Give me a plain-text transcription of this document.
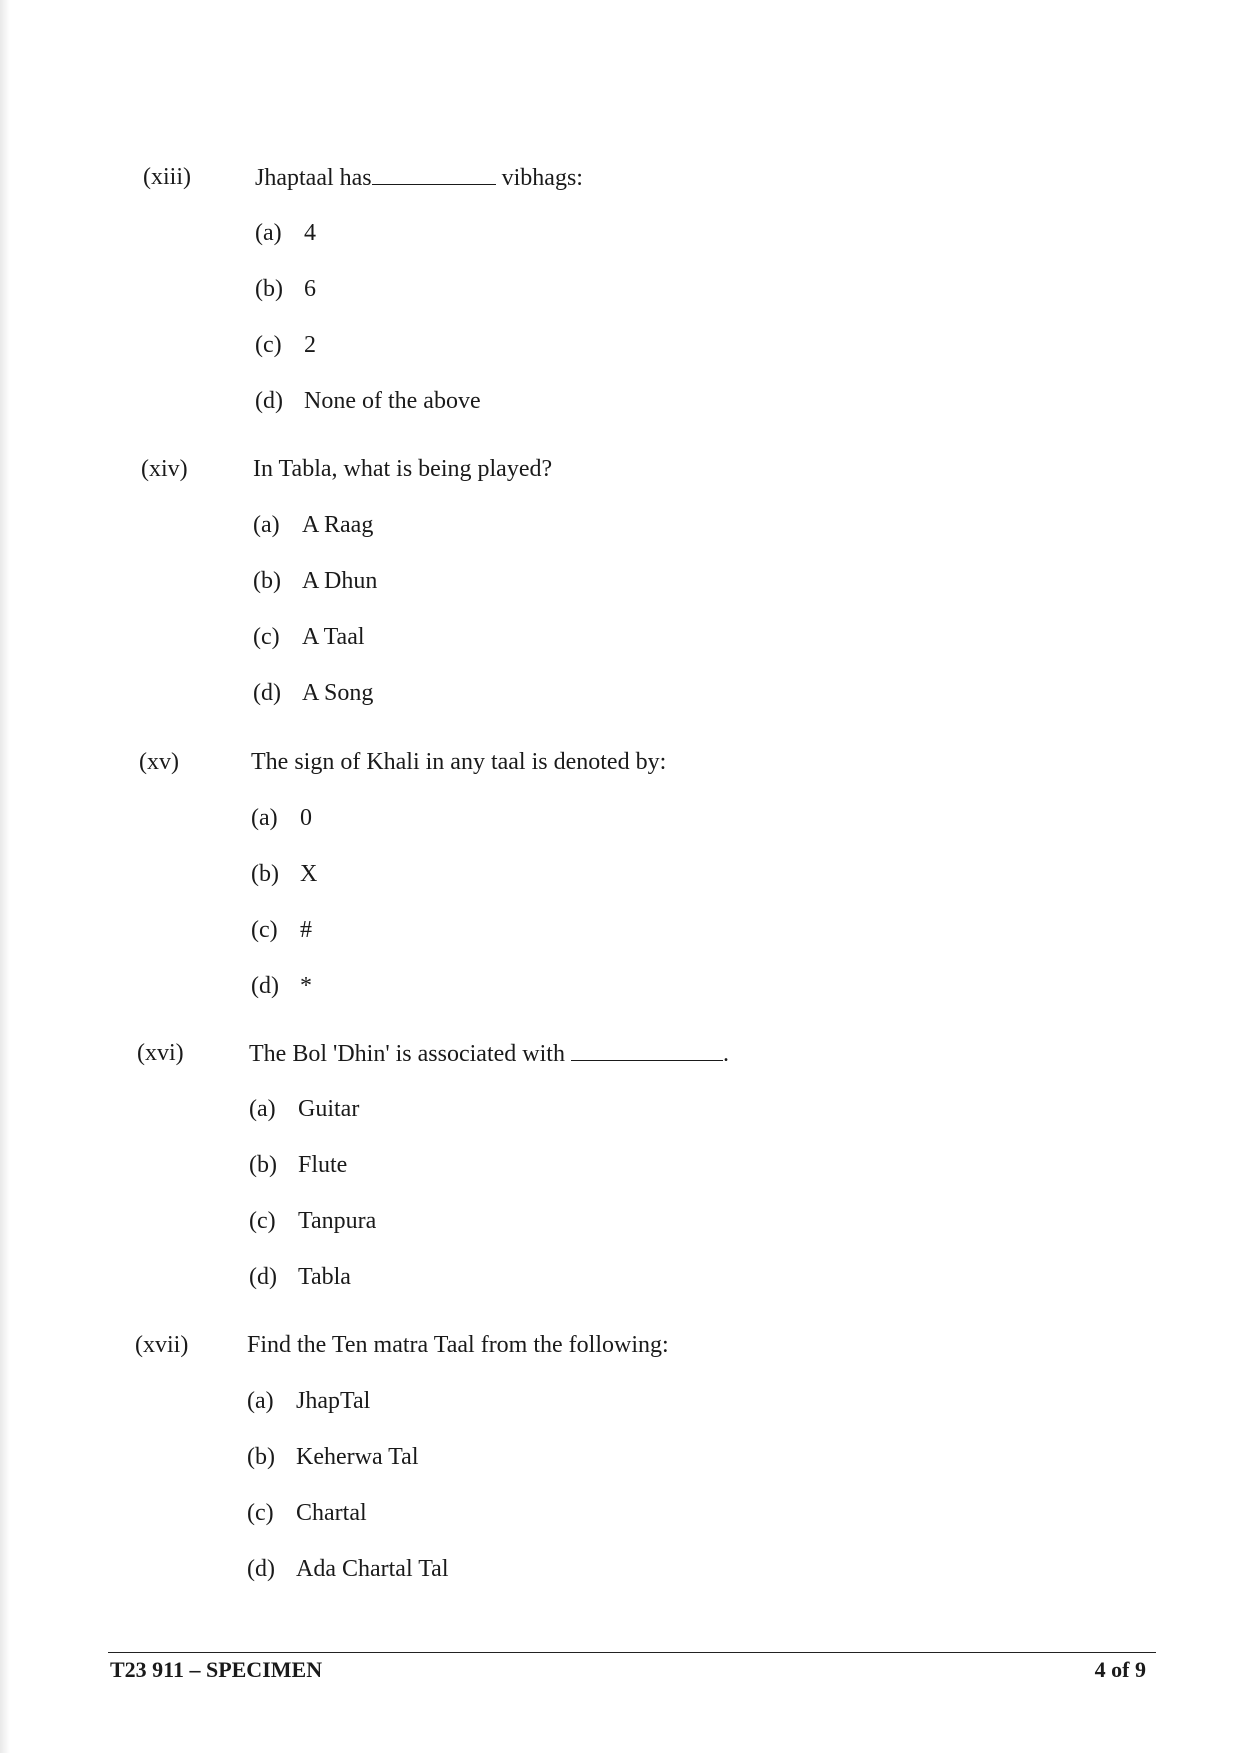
(xiii)	Jhaptaal has	vibhags:
(a) 4
(b) 6
(c) 2
(d) None of the above
(xiv)	In Tabla, what is being played?
(a) A Raag
(b) A Dhun
(c) A Taal
(d) A Song
(xv)	The sign of Khali in any taal is denoted by:
(a) 0
(b) X
(c) #
(d) *
(xvi)	The Bol 'Dhin' is associated with	.
(a) Guitar
(b) Flute
(c) Tanpura
(d) Tabla
(xvii) Find the Ten matra Taal from the following:
(a) JhapTal
(b) Keherwa Tal
(c) Chartal
(d) Ada Chartal Tal
T23 911 – SPECIMEN	4 of 9
